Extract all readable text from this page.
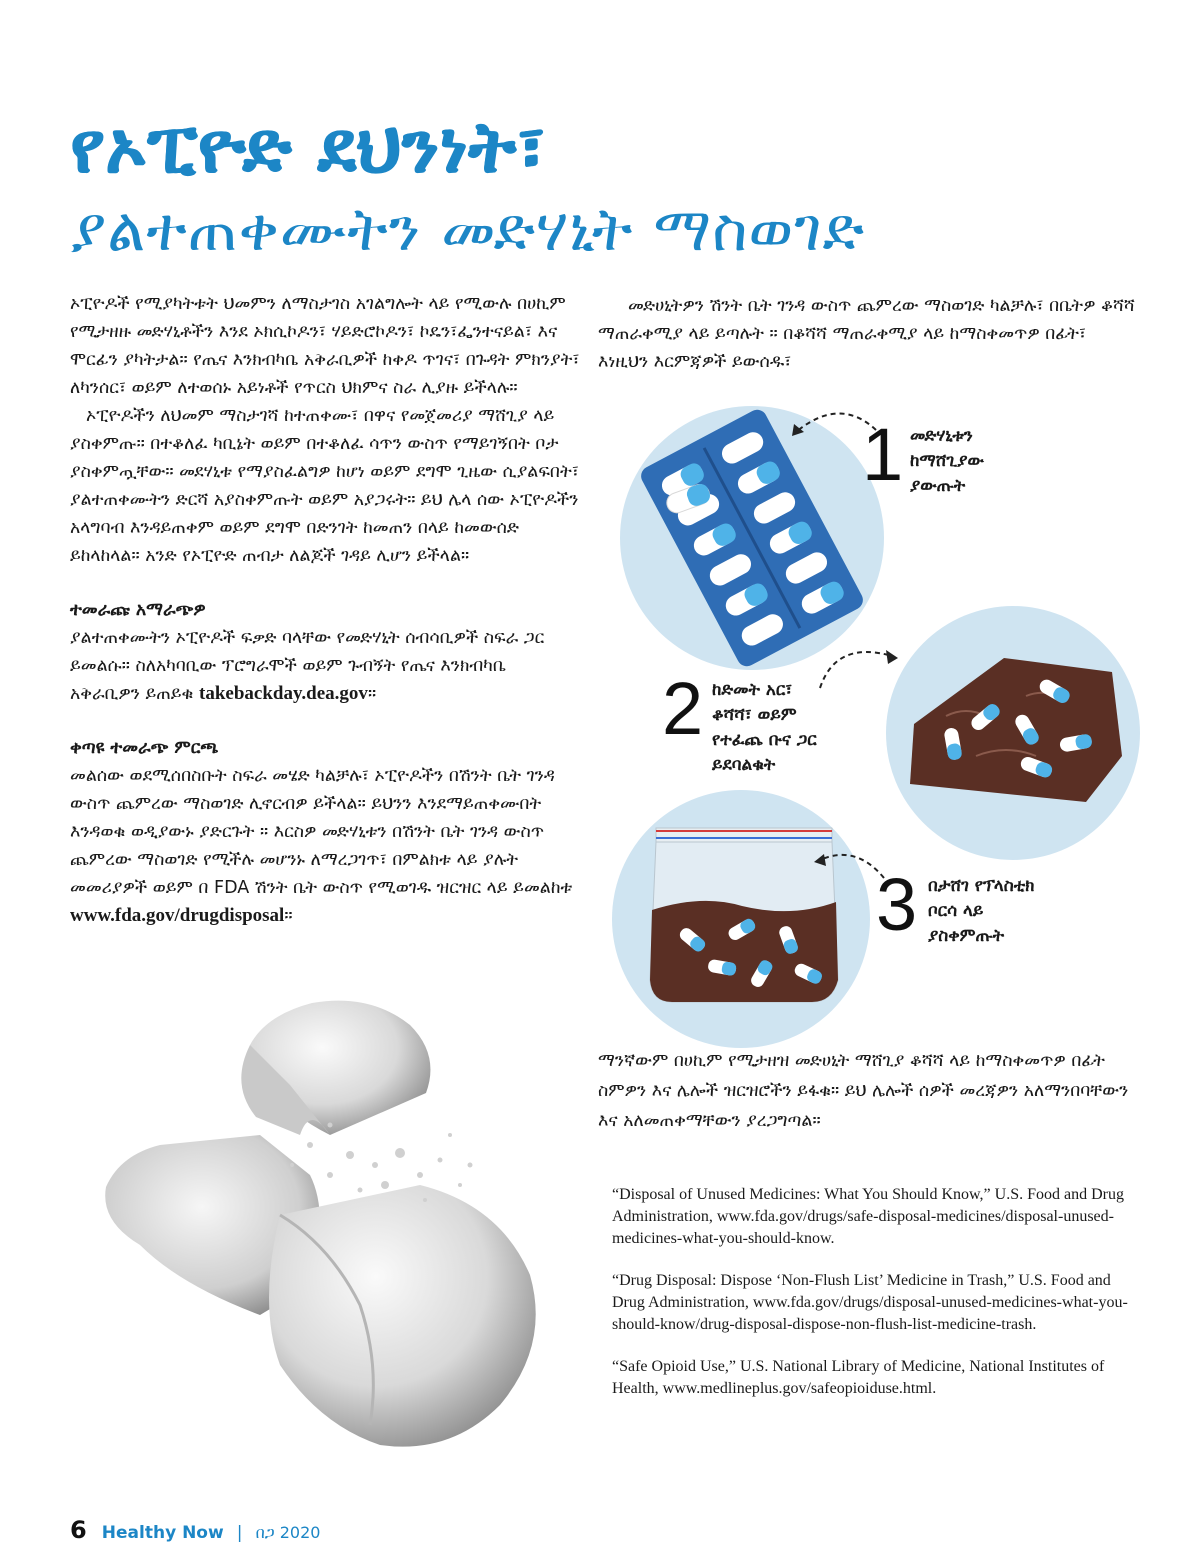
የኦፒዮድ ደህንነት፣
ያልተጠቀሙትን መድሃኒት ማስወገድ

ኦፒዮዶች የሚያካትቱት ህመምን ለማስታገስ አገልግሎት ላይ የሚውሉ በሀኪም የሚታዘዙ መድሃኒቶችን እንደ ኦክሲኮዶን፣ ሃይድሮኮዶን፣ ኮዴን፣ፌንተናይል፣ እና ሞርፊን ያካትታል። የጤና እንክብካቤ አቅራቢዎች ከቀዶ ጥገና፣ በጉዳት ምክንያት፣ ለካንሰር፣ ወይም ለተወሰኑ አይነቶች የጥርስ ህክምና ስራ ሊያዙ ይችላሉ።

ኦፒዮዶችን ለህመም ማስታገሻ ከተጠቀሙ፣ በዋና የመጀመሪያ ማሸጊያ ላይ ያስቀምጡ። በተቆለፈ ካቢኔት ወይም በተቆለፈ ሳጥን ውስጥ የማይገኝበት ቦታ ያስቀምጧቸው። መደሃኒቱ የማያስፈልግዎ ከሆነ ወይም ደግሞ ጊዜው ሲያልፍበት፣ ያልተጠቀሙትን ድርሻ አያስቀምጡት ወይም አያጋሩት። ይህ ሌላ ሰው ኦፒዮዶችን አላግባብ እንዳይጠቀም ወይም ደግሞ በድንገት ከመጠን በላይ ከመውሰድ ይከላከላል። አንድ የኦፒዮድ ጠብታ ለልጆች ገዳይ ሊሆን ይችላል።

ተመራጩ አማራጭዎ

ያልተጠቀሙትን ኦፒዮዶች ፍቃድ ባላቸው የመድሃኒት ሰብሳቢዎች ስፍራ ጋር ይመልሱ። ስለአካባቢው ፕሮግራሞች ወይም ጉብኝት የጤና እንክብካቤ አቅራቢዎን ይጠይቁ takebackday.dea.gov።

ቀጣዩ ተመራጭ ምርጫ

መልሰው ወደሚሰበስቡት ስፍራ መሄድ ካልቻሉ፣ ኦፒዮዶችን በሽንት ቤት ገንዳ ውስጥ ጨምረው ማስወገድ ሊኖርብዎ ይችላል። ይህንን እንደማይጠቀሙበት እንዳወቁ ወዲያውኑ ያድርጉት ። እርስዎ መድሃኒቱን በሽንት ቤት ገንዳ ውስጥ ጨምረው ማስወገድ የሚችሉ መሆንኑ ለማረጋገጥ፣ በምልክቱ ላይ ያሉት መመሪያዎች ወይም በ FDA ሽንት ቤት ውስጥ የሚወገዱ ዝርዝር ላይ ይመልከቱ www.fda.gov/drugdisposal።

መድሀኒትዎን ሽንት ቤት ገንዳ ውስጥ ጨምረው ማስወገድ ካልቻሉ፣ በቤትዎ ቆሻሻ ማጠራቀሚያ ላይ ይጣሉት ። በቆሻሻ ማጠራቀሚያ ላይ ከማስቀመጥዎ በፊት፣ እነዚህን እርምጃዎች ይውሰዱ፣

1 መድሃኒቱን
ከማሸጊያው
ያውጡት
2 ከድመት አር፣
ቆሻሻ፣ ወይም
የተፈጨ ቡና ጋር
ይደባልቁት
3 በታሸገ የፕላስቲክ
ቦርሳ ላይ
ያስቀምጡት

ማንኛውም በሀኪም የሚታዘዝ መድሀኒት ማሸጊያ ቆሻሻ ላይ ከማስቀመጥዎ በፊት ስምዎን እና ሌሎች ዝርዝሮችን ይፋቁ። ይህ ሌሎች ሰዎች መረጃዎን አለማንበባቸውን እና አለመጠቀማቸውን ያረጋግጣል።

“Disposal of Unused Medicines: What You Should Know,” U.S. Food and Drug Administration, www.fda.gov/drugs/safe-disposal-medicines/disposal-unused-medicines-what-you-should-know.

“Drug Disposal: Dispose ‘Non-Flush List’ Medicine in Trash,” U.S. Food and Drug Administration, www.fda.gov/drugs/disposal-unused-medicines-what-you-should-know/drug-disposal-dispose-non-flush-list-medicine-trash.

“Safe Opioid Use,” U.S. National Library of Medicine, National Institutes of Health, www.medlineplus.gov/safeopioiduse.html.

6 Healthy Now | በጋ 2020
